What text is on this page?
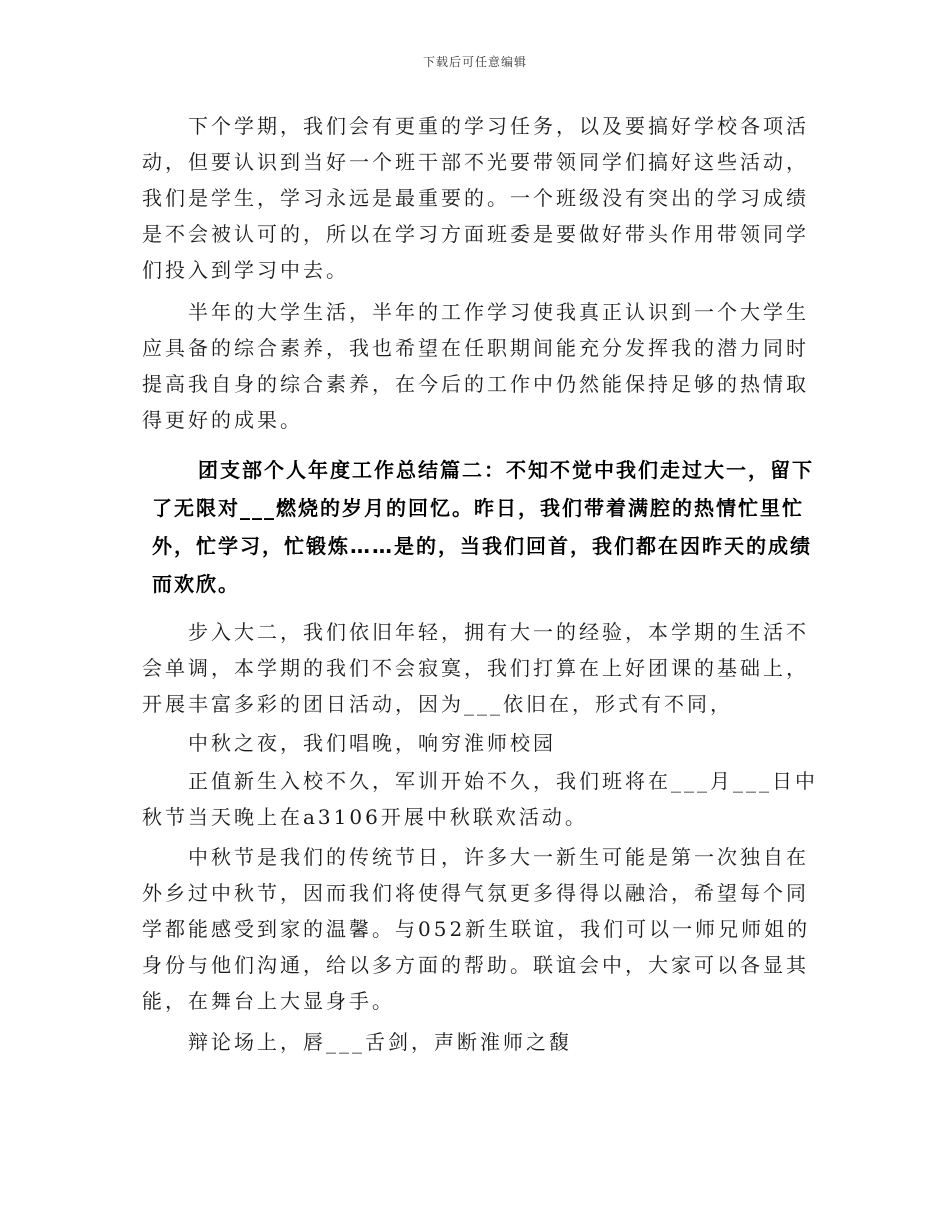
下载后可任意编辑

下个学期，我们会有更重的学习任务，以及要搞好学校各项活动，但要认识到当好一个班干部不光要带领同学们搞好这些活动，我们是学生，学习永远是最重要的。一个班级没有突出的学习成绩是不会被认可的，所以在学习方面班委是要做好带头作用带领同学们投入到学习中去。

半年的大学生活，半年的工作学习使我真正认识到一个大学生应具备的综合素养，我也希望在任职期间能充分发挥我的潜力同时提高我自身的综合素养，在今后的工作中仍然能保持足够的热情取得更好的成果。

团支部个人年度工作总结篇二：不知不觉中我们走过大一，留下了无限对___燃烧的岁月的回忆。昨日，我们带着满腔的热情忙里忙外，忙学习，忙锻炼……是的，当我们回首，我们都在因昨天的成绩而欢欣。

步入大二，我们依旧年轻，拥有大一的经验，本学期的生活不会单调，本学期的我们不会寂寞，我们打算在上好团课的基础上，开展丰富多彩的团日活动，因为___依旧在，形式有不同，

中秋之夜，我们唱晚，响穷淮师校园

正值新生入校不久，军训开始不久，我们班将在___月___日中秋节当天晚上在a3106开展中秋联欢活动。

中秋节是我们的传统节日，许多大一新生可能是第一次独自在外乡过中秋节，因而我们将使得气氛更多得得以融洽，希望每个同学都能感受到家的温馨。与052新生联谊，我们可以一师兄师姐的身份与他们沟通，给以多方面的帮助。联谊会中，大家可以各显其能，在舞台上大显身手。

辩论场上，唇___舌剑，声断淮师之馥
